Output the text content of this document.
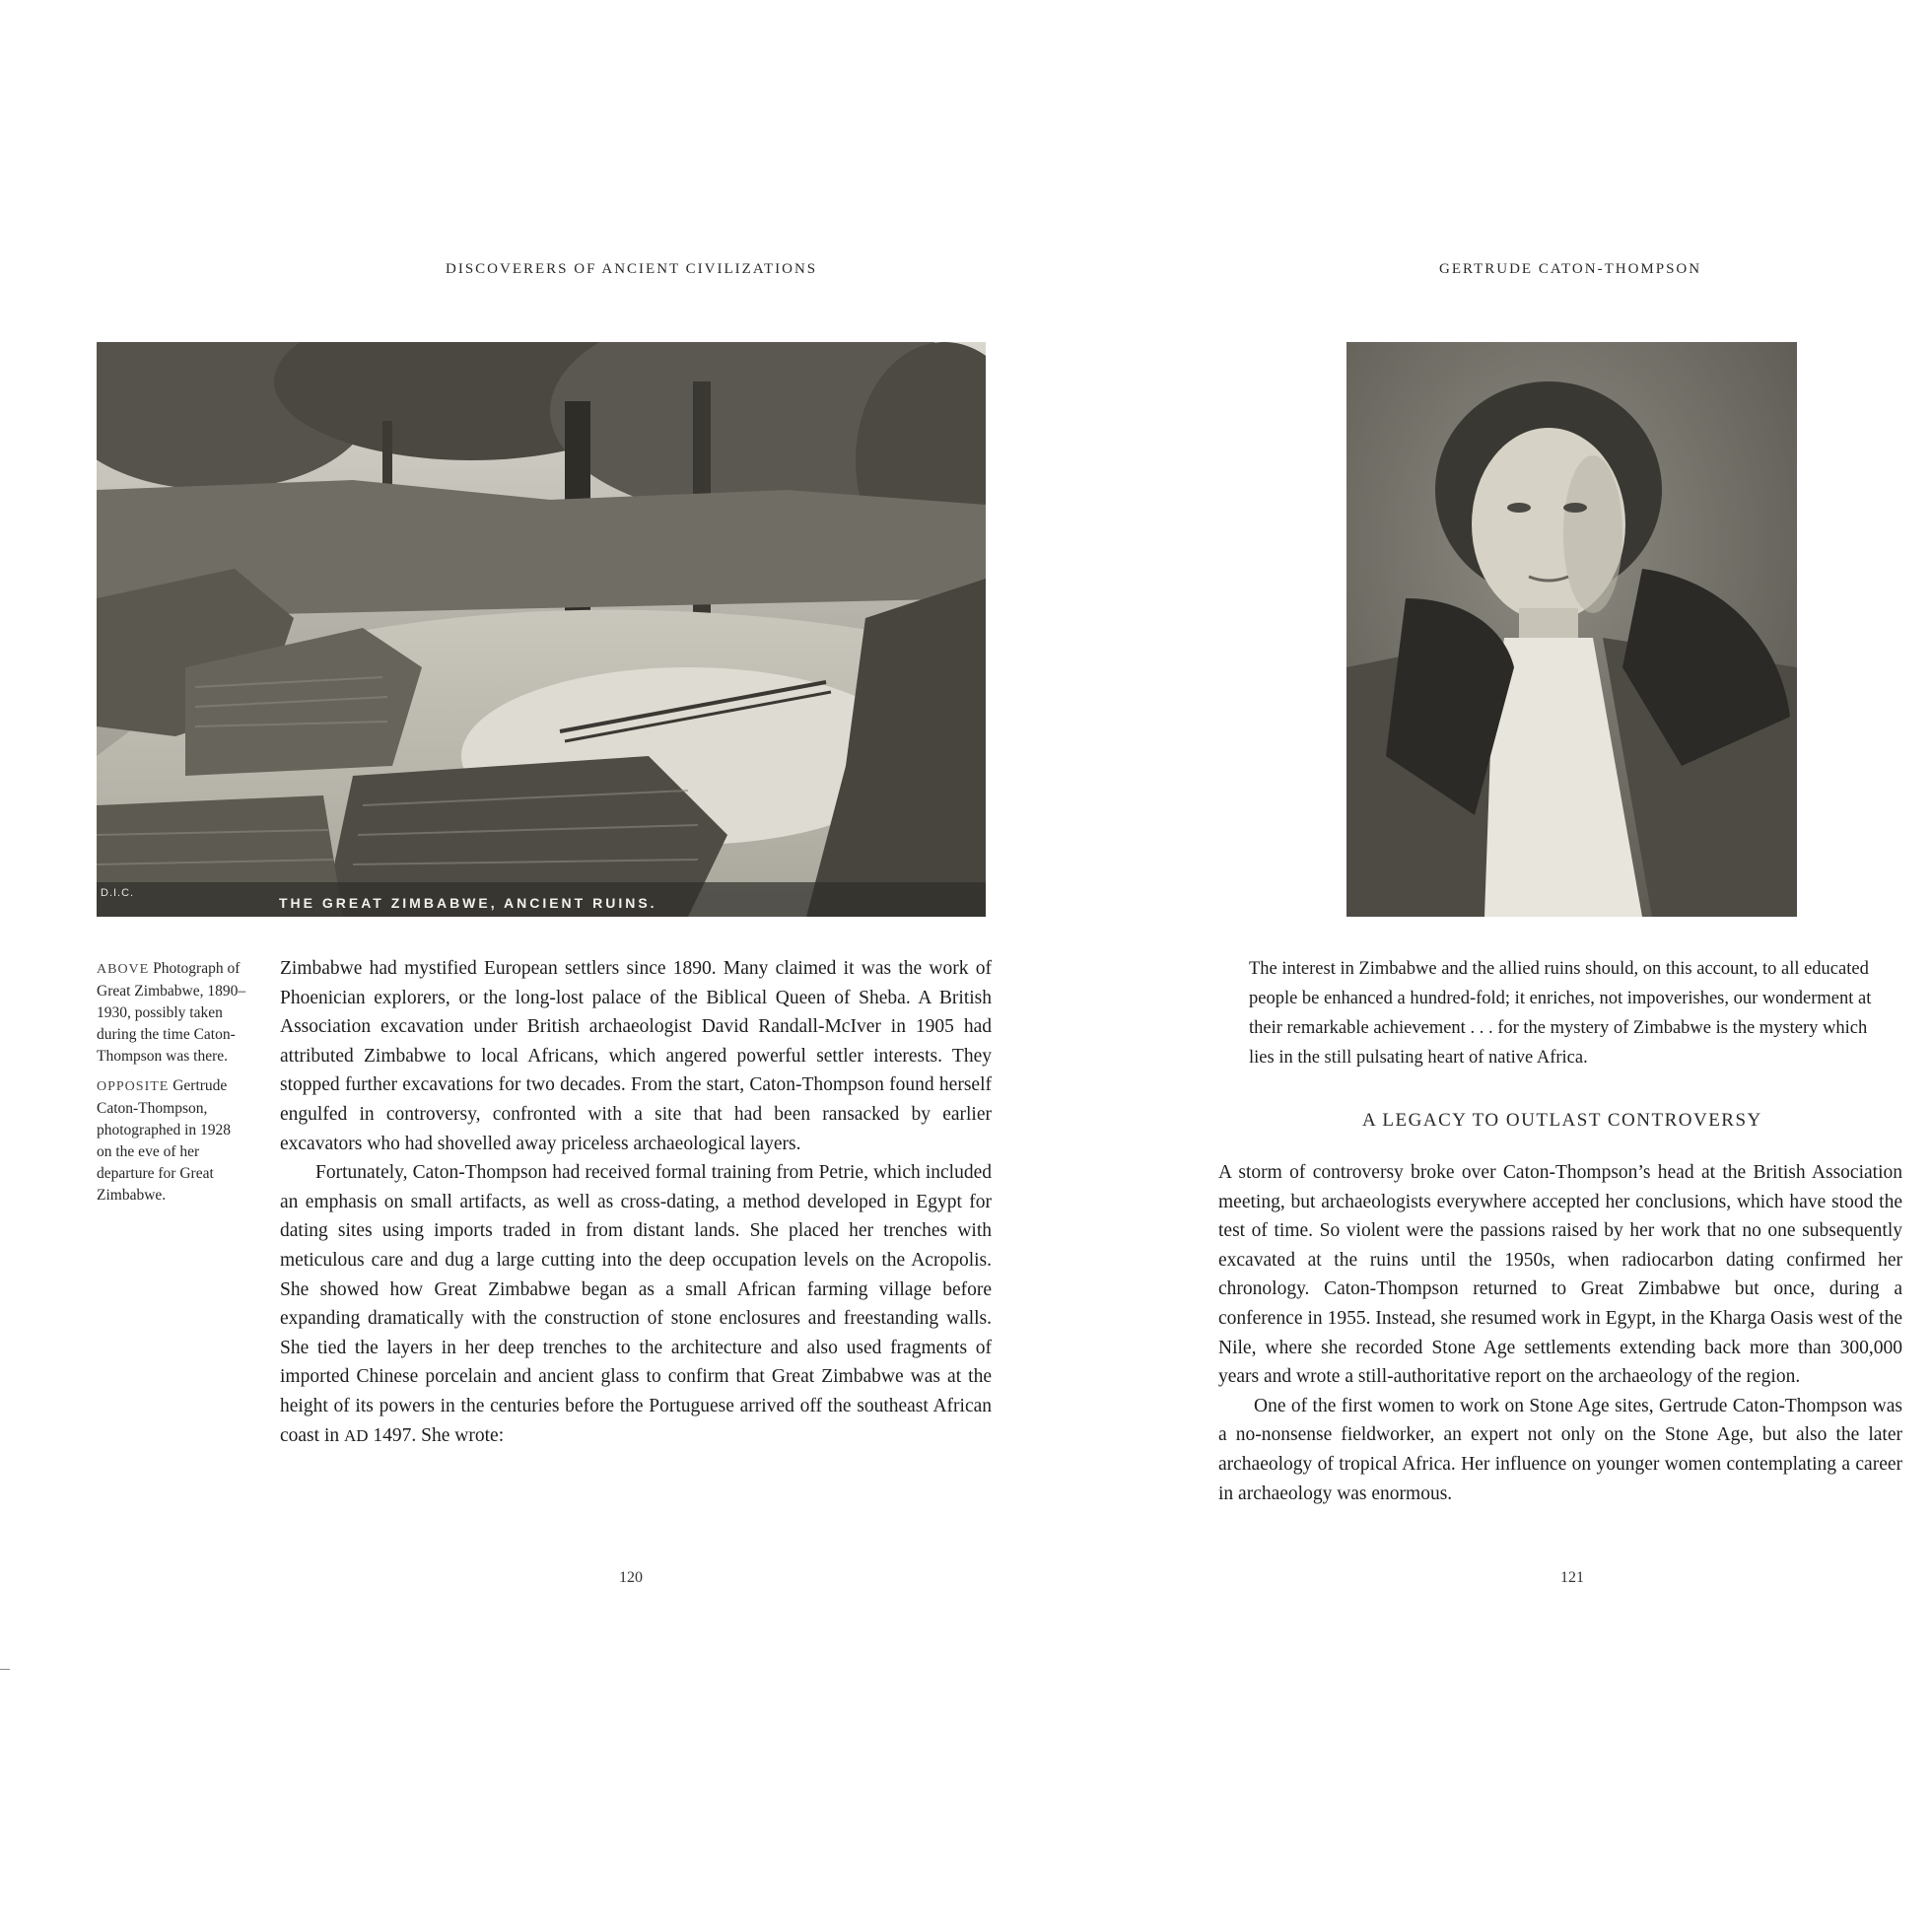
DISCOVERERS OF ANCIENT CIVILIZATIONS
D.I.C.
THE GREAT ZIMBABWE, ANCIENT RUINS.

ABOVE Photograph of Great Zimbabwe, 1890–1930, possibly taken during the time Caton-Thompson was there.

OPPOSITE Gertrude Caton-Thompson, photographed in 1928 on the eve of her departure for Great Zimbabwe.

Zimbabwe had mystified European settlers since 1890. Many claimed it was the work of Phoenician explorers, or the long-lost palace of the Biblical Queen of Sheba. A British Association excavation under British archaeologist David Randall-McIver in 1905 had attributed Zimbabwe to local Africans, which angered powerful settler interests. They stopped further excavations for two decades. From the start, Caton-Thompson found herself engulfed in controversy, confronted with a site that had been ransacked by earlier excavators who had shovelled away priceless archaeological layers.

Fortunately, Caton-Thompson had received formal training from Petrie, which included an emphasis on small artifacts, as well as cross-dating, a method developed in Egypt for dating sites using imports traded in from distant lands. She placed her trenches with meticulous care and dug a large cutting into the deep occupation levels on the Acropolis. She showed how Great Zimbabwe began as a small African farming village before expanding dramatically with the construction of stone enclosures and freestanding walls. She tied the layers in her deep trenches to the architecture and also used fragments of imported Chinese porcelain and ancient glass to confirm that Great Zimbabwe was at the height of its powers in the centuries before the Portuguese arrived off the southeast African coast in AD 1497. She wrote:

120
GERTRUDE CATON-THOMPSON
The interest in Zimbabwe and the allied ruins should, on this account, to all educated people be enhanced a hundred-fold; it enriches, not impoverishes, our wonderment at their remarkable achievement . . . for the mystery of Zimbabwe is the mystery which lies in the still pulsating heart of native Africa.
A LEGACY TO OUTLAST CONTROVERSY

A storm of controversy broke over Caton-Thompson’s head at the British Association meeting, but archaeologists everywhere accepted her conclusions, which have stood the test of time. So violent were the passions raised by her work that no one subsequently excavated at the ruins until the 1950s, when radiocarbon dating confirmed her chronology. Caton-Thompson returned to Great Zimbabwe but once, during a conference in 1955. Instead, she resumed work in Egypt, in the Kharga Oasis west of the Nile, where she recorded Stone Age settlements extending back more than 300,000 years and wrote a still-authoritative report on the archaeology of the region.

One of the first women to work on Stone Age sites, Gertrude Caton-Thompson was a no-nonsense fieldworker, an expert not only on the Stone Age, but also the later archaeology of tropical Africa. Her influence on younger women contemplating a career in archaeology was enormous.

121
